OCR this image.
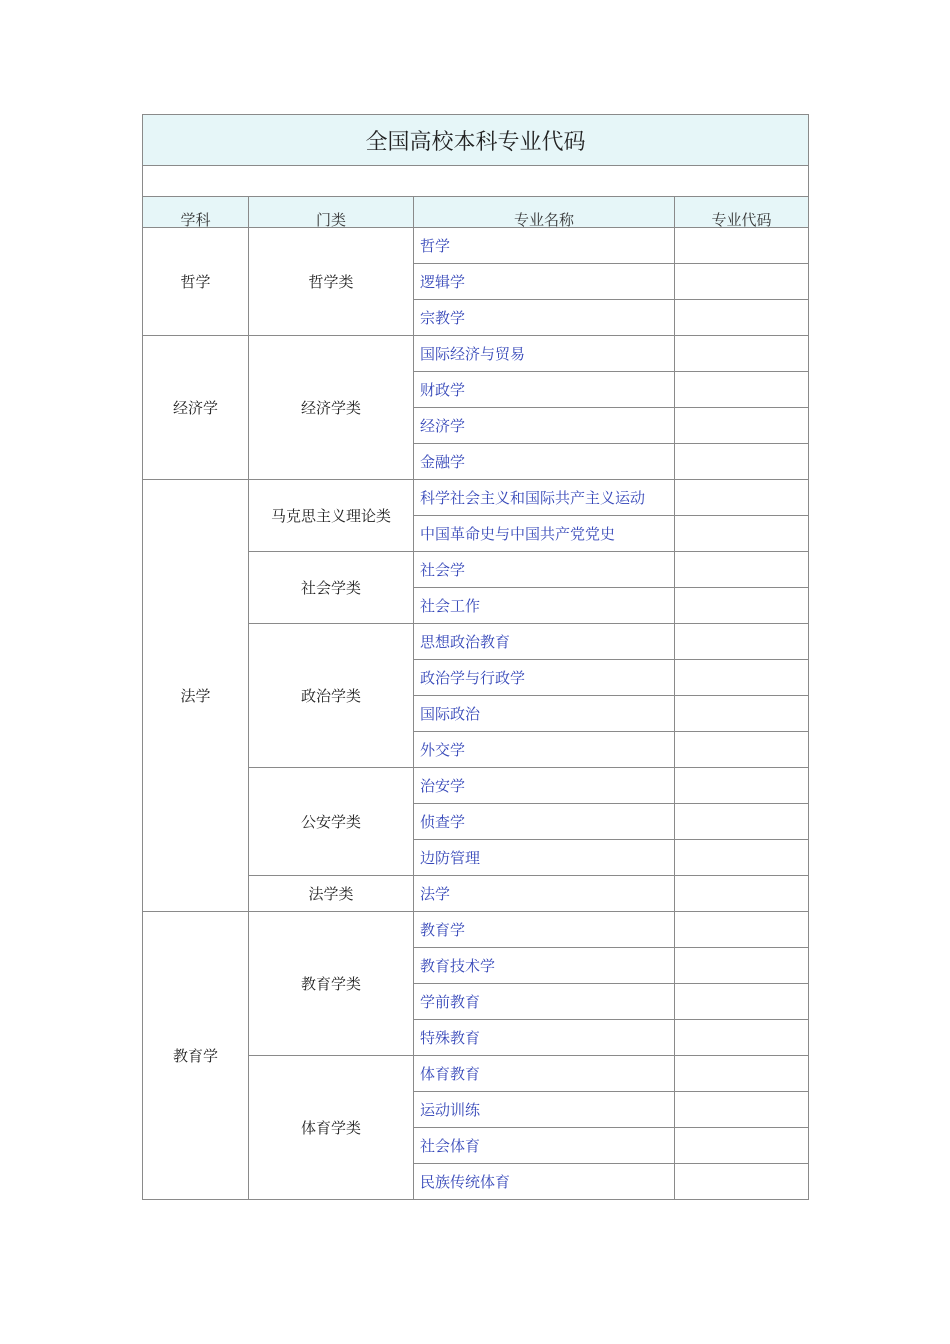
全国高校本科专业代码			

学科	门类	专业名称	专业代码
哲学	哲学类	哲学	
		逻辑学	
		宗教学	
经济学	经济学类	国际经济与贸易	
		财政学	
		经济学	
		金融学	
法学	马克思主义理论类	科学社会主义和国际共产主义运动	
		中国革命史与中国共产党党史	
	社会学类	社会学	
		社会工作	
	政治学类	思想政治教育	
		政治学与行政学	
		国际政治	
		外交学	
	公安学类	治安学	
		侦查学	
		边防管理	
	法学类	法学	
教育学	教育学类	教育学	
		教育技术学	
		学前教育	
		特殊教育	
	体育学类	体育教育	
		运动训练	
		社会体育	
		民族传统体育	
